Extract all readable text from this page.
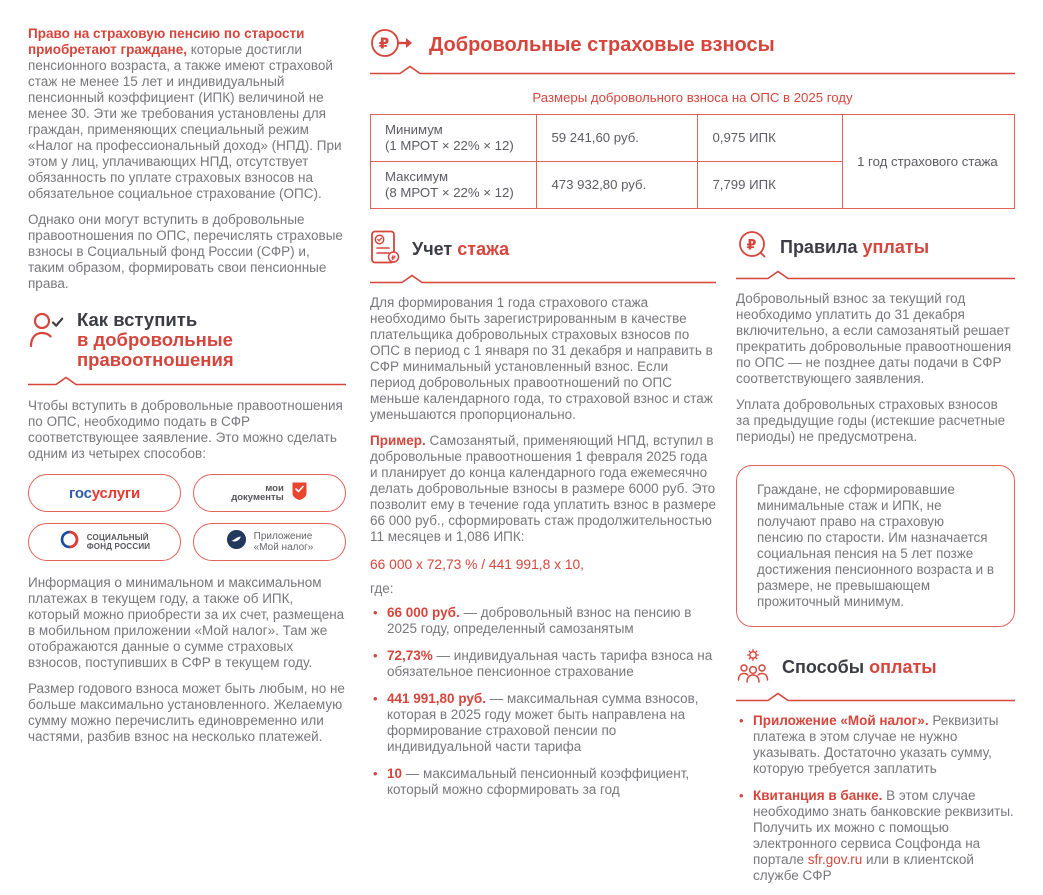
Право на страховую пенсию по старости приобретают граждане, которые достигли пенсионного возраста, а также имеют страховой стаж не менее 15 лет и индивидуальный пенсионный коэффициент (ИПК) величиной не менее 30. Эти же требования установлены для граждан, применяющих специальный режим «Налог на профессиональный доход» (НПД). При этом у лиц, уплачивающих НПД, отсутствует обязанность по уплате страховых взносов на обязательное социальное страхование (ОПС).

Однако они могут вступить в добровольные правоотношения по ОПС, перечислять страховые взносы в Социальный фонд России (СФР) и, таким образом, формировать свои пенсионные права.

Как вступить
в добровольные
правоотношения

Чтобы вступить в добровольные правоотношения по ОПС, необходимо подать в СФР соответствующее заявление. Это можно сделать одним из четырех способов:

госуслуги	мои
документы
СОЦИАЛЬНЫЙ
ФОНД РОССИИ
Приложение
«Мой налог»

Информация о минимальном и максимальном платежах в текущем году, а также об ИПК, который можно приобрести за их счет, размещена в мобильном приложении «Мой налог». Там же отображаются данные о сумме страховых взносов, поступивших в СФР в текущем году.

Размер годового взноса может быть любым, но не больше максимально установленного. Желаемую сумму можно перечислить единовременно или частями, разбив взнос на несколько платежей.

₽ Добровольные страховые взносы
Размеры добровольного взноса на ОПС в 2025 году
Минимум
(1 МРОТ × 22% × 12)	59 241,60 руб.	0,975 ИПК	1 год страхового стажа

Максимум
(8 МРОТ × 22% × 12)	473 932,80 руб.	7,799 ИПК	
₽ Учет стажа

Для формирования 1 года страхового стажа необходимо быть зарегистрированным в качестве плательщика добровольных страховых взносов по ОПС в период с 1 января по 31 декабря и направить в СФР минимальный установленный взнос. Если период добровольных правоотношений по ОПС меньше календарного года, то страховой взнос и стаж уменьшаются пропорционально.

Пример. Самозанятый, применяющий НПД, вступил в добровольные правоотношения 1 февраля 2025 года и планирует до конца календарного года ежемесячно делать добровольные взносы в размере 6000 руб. Это позволит ему в течение года уплатить взнос в размере 66 000 руб., сформировать стаж продолжительностью 11 месяцев и 1,086 ИПК:

66 000 x 72,73 % / 441 991,8 x 10,

где:

• 66 000 руб. — добровольный взнос на пенсию в 2025 году, определенный самозанятым
• 72,73% — индивидуальная часть тарифа взноса на обязательное пенсионное страхование
• 441 991,80 руб. — максимальная сумма взносов, которая в 2025 году может быть направлена на формирование страховой пенсии по индивидуальной части тарифа
• 10 — максимальный пенсионный коэффициент, который можно сформировать за год
₽ Правила уплаты

Добровольный взнос за текущий год необходимо уплатить до 31 декабря включительно, а если самозанятый решает прекратить добровольные правоотношения по ОПС — не позднее даты подачи в СФР соответствующего заявления.

Уплата добровольных страховых взносов за предыдущие годы (истекшие расчетные периоды) не предусмотрена.

Граждане, не сформировавшие минимальные стаж и ИПК, не получают право на страховую пенсию по старости. Им назначается социальная пенсия на 5 лет позже достижения пенсионного возраста и в размере, не превышающем прожиточный минимум.
Способы оплаты
• Приложение «Мой налог». Реквизиты платежа в этом случае не нужно указывать. Достаточно указать сумму, которую требуется заплатить
• Квитанция в банке. В этом случае необходимо знать банковские реквизиты. Получить их можно с помощью электронного сервиса Соцфонда на портале sfr.gov.ru или в клиентской службе СФР
